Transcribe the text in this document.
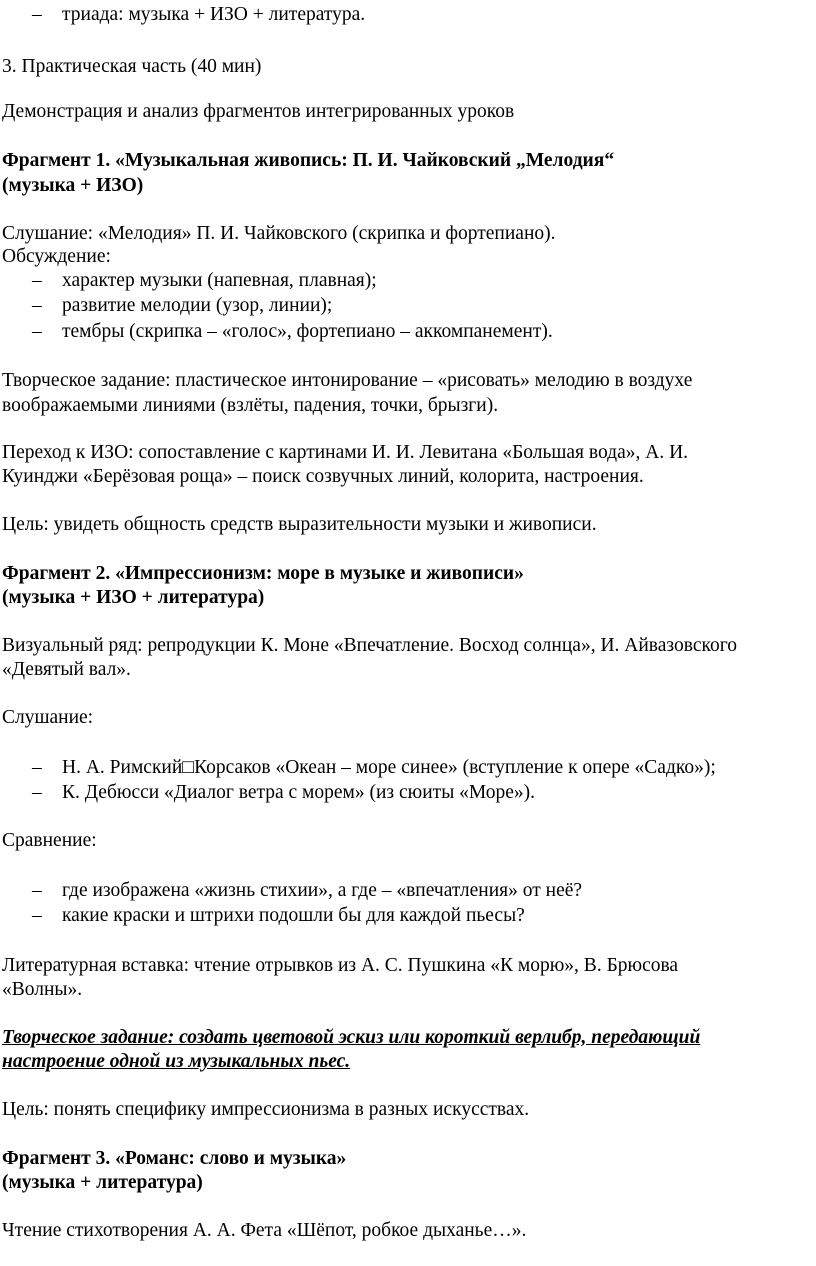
– триада: музыка + ИЗО + литература.
3. Практическая часть (40 мин)
Демонстрация и анализ фрагментов интегрированных уроков
Фрагмент 1. «Музыкальная живопись: П. И. Чайковский „Мелодия“
(музыка + ИЗО)
Слушание: «Мелодия» П. И. Чайковского (скрипка и фортепиано).
Обсуждение:
– характер музыки (напевная, плавная);
– развитие мелодии (узор, линии);
– тембры (скрипка – «голос», фортепиано – аккомпанемент).
Творческое задание: пластическое интонирование – «рисовать» мелодию в воздухе
воображаемыми линиями (взлёты, падения, точки, брызги).
Переход к ИЗО: сопоставление с картинами И. И. Левитана «Большая вода», А. И.
Куинджи «Берёзовая роща» – поиск созвучных линий, колорита, настроения.
Цель: увидеть общность средств выразительности музыки и живописи.
Фрагмент 2. «Импрессионизм: море в музыке и живописи»
(музыка + ИЗО + литература)
Визуальный ряд: репродукции К. Моне «Впечатление. Восход солнца», И. Айвазовского
«Девятый вал».
Слушание:
– Н. А. Римский□Корсаков «Океан – море синее» (вступление к опере «Садко»);
– К. Дебюсси «Диалог ветра с морем» (из сюиты «Море»).
Сравнение:
– где изображена «жизнь стихии», а где – «впечатления» от неё?
– какие краски и штрихи подошли бы для каждой пьесы?
Литературная вставка: чтение отрывков из А. С. Пушкина «К морю», В. Брюсова
«Волны».
Творческое задание: создать цветовой эскиз или короткий верлибр, передающий
настроение одной из музыкальных пьес.
Цель: понять специфику импрессионизма в разных искусствах.
Фрагмент 3. «Романс: слово и музыка»
(музыка + литература)
Чтение стихотворения А. А. Фета «Шёпот, робкое дыханье…».
